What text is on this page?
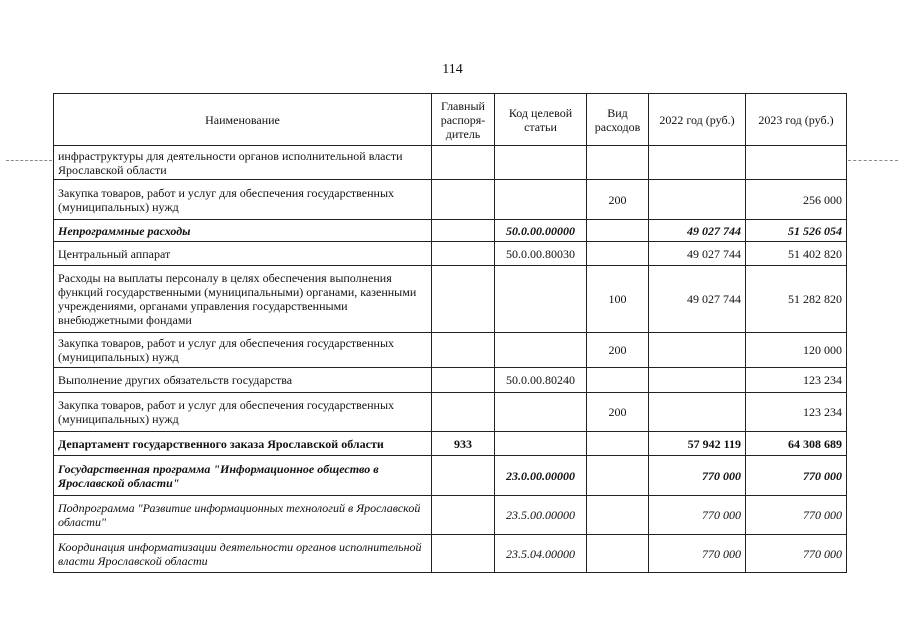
114
Наименование	Главный распоря-дитель	Код целевой статьи	Вид расходов	2022 год (руб.)	2023 год (руб.)
инфраструктуры для деятельности органов исполнительной власти Ярославской области					
Закупка товаров, работ и услуг для обеспечения государственных (муниципальных) нужд			200		256 000
Непрограммные расходы		50.0.00.00000		49 027 744	51 526 054
Центральный аппарат		50.0.00.80030		49 027 744	51 402 820
Расходы на выплаты персоналу в целях обеспечения выполнения функций государственными (муниципальными) органами, казенными учреждениями, органами управления государственными внебюджетными фондами			100	49 027 744	51 282 820
Закупка товаров, работ и услуг для обеспечения государственных (муниципальных) нужд			200		120 000
Выполнение других обязательств государства		50.0.00.80240			123 234
Закупка товаров, работ и услуг для обеспечения государственных (муниципальных) нужд			200		123 234
Департамент государственного заказа Ярославской области	933			57 942 119	64 308 689
Государственная программа "Информационное общество в Ярославской области"		23.0.00.00000		770 000	770 000
Подпрограмма "Развитие информационных технологий в Ярославской области"		23.5.00.00000		770 000	770 000
Координация информатизации деятельности органов исполнительной власти Ярославской области		23.5.04.00000		770 000	770 000
